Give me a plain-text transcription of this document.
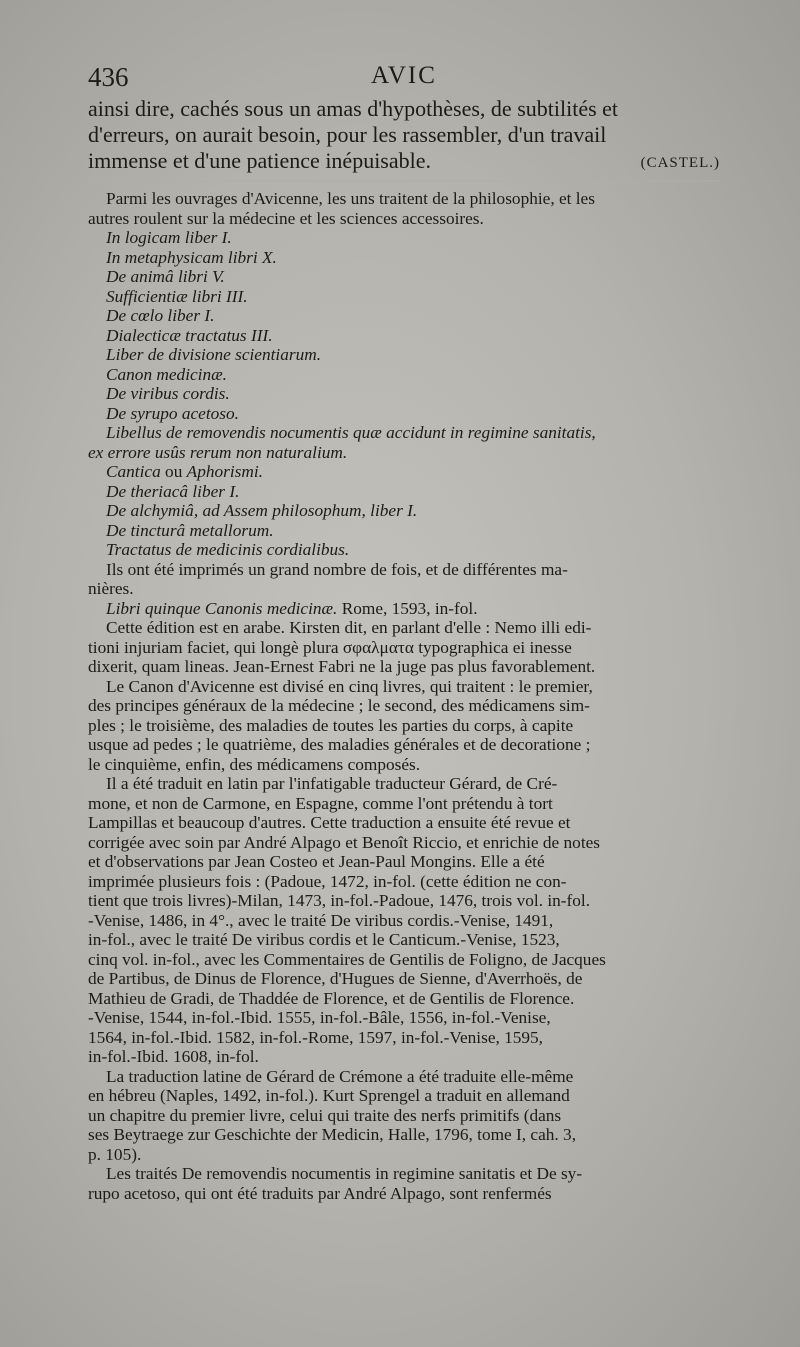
436	AVIC

ainsi dire, cachés sous un amas d'hypothèses, de subtilités et

d'erreurs, on aurait besoin, pour les rassembler, d'un travail

immense et d'une patience inépuisable.	(CASTEL.)

Parmi les ouvrages d'Avicenne, les uns traitent de la philosophie, et les

autres roulent sur la médecine et les sciences accessoires.

In logicam liber I.
In metaphysicam libri X.
De animâ libri V.
Sufficientiæ libri III.
De cœlo liber I.
Dialecticæ tractatus III.
Liber de divisione scientiarum.
Canon medicinæ.
De viribus cordis.
De syrupo acetoso.
Libellus de removendis nocumentis quæ accidunt in regimine sanitatis,
ex errore usûs rerum non naturalium.
Cantica ou Aphorismi.
De theriacâ liber I.
De alchymiâ, ad Assem philosophum, liber I.
De tincturâ metallorum.
Tractatus de medicinis cordialibus.

Ils ont été imprimés un grand nombre de fois, et de différentes ma-

nières.

Libri quinque Canonis medicinæ. Rome, 1593, in-fol.

Cette édition est en arabe. Kirsten dit, en parlant d'elle : Nemo illi edi-

tioni injuriam faciet, qui longè plura σφαλματα typographica ei inesse

dixerit, quam lineas. Jean-Ernest Fabri ne la juge pas plus favorablement.

Le Canon d'Avicenne est divisé en cinq livres, qui traitent : le premier,

des principes généraux de la médecine ; le second, des médicamens sim-

ples ; le troisième, des maladies de toutes les parties du corps, à capite

usque ad pedes ; le quatrième, des maladies générales et de decoratione ;

le cinquième, enfin, des médicamens composés.

Il a été traduit en latin par l'infatigable traducteur Gérard, de Cré-

mone, et non de Carmone, en Espagne, comme l'ont prétendu à tort

Lampillas et beaucoup d'autres. Cette traduction a ensuite été revue et

corrigée avec soin par André Alpago et Benoît Riccio, et enrichie de notes

et d'observations par Jean Costeo et Jean-Paul Mongins. Elle a été

imprimée plusieurs fois : (Padoue, 1472, in-fol. (cette édition ne con-

tient que trois livres)-Milan, 1473, in-fol.-Padoue, 1476, trois vol. in-fol.

-Venise, 1486, in 4°., avec le traité De viribus cordis.-Venise, 1491,

in-fol., avec le traité De viribus cordis et le Canticum.-Venise, 1523,

cinq vol. in-fol., avec les Commentaires de Gentilis de Foligno, de Jacques

de Partibus, de Dinus de Florence, d'Hugues de Sienne, d'Averrhoës, de

Mathieu de Gradi, de Thaddée de Florence, et de Gentilis de Florence.

-Venise, 1544, in-fol.-Ibid. 1555, in-fol.-Bâle, 1556, in-fol.-Venise,

1564, in-fol.-Ibid. 1582, in-fol.-Rome, 1597, in-fol.-Venise, 1595,

in-fol.-Ibid. 1608, in-fol.

La traduction latine de Gérard de Crémone a été traduite elle-même

en hébreu (Naples, 1492, in-fol.). Kurt Sprengel a traduit en allemand

un chapitre du premier livre, celui qui traite des nerfs primitifs (dans

ses Beytraege zur Geschichte der Medicin, Halle, 1796, tome I, cah. 3,

p. 105).

Les traités De removendis nocumentis in regimine sanitatis et De sy-

rupo acetoso, qui ont été traduits par André Alpago, sont renfermés
